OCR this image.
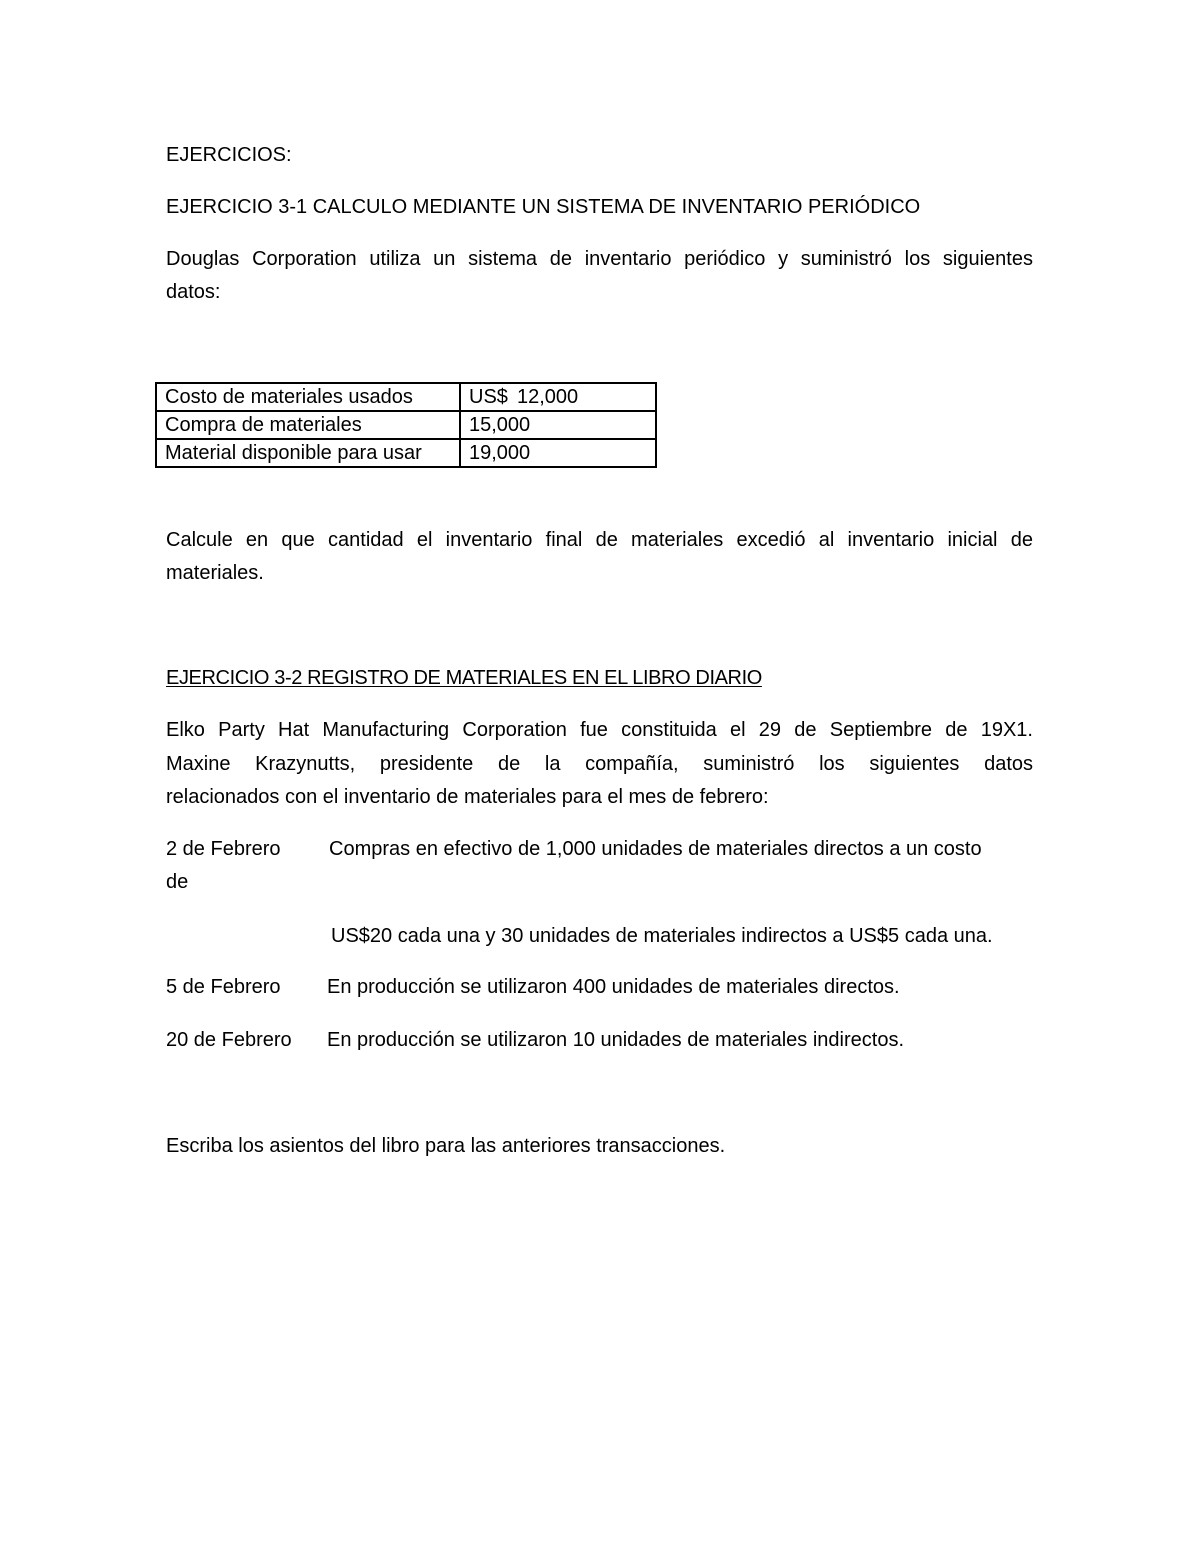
EJERCICIOS:
EJERCICIO 3-1 CALCULO MEDIANTE UN SISTEMA DE INVENTARIO PERIÓDICO
Douglas Corporation utiliza un sistema de inventario periódico y suministró los siguientes
datos:
Costo de materiales usados	US$ 12,000
Compra de materiales	15,000
Material disponible para usar	19,000
Calcule en que cantidad el inventario final de materiales excedió al inventario inicial de
materiales.
EJERCICIO 3-2 REGISTRO DE MATERIALES EN EL LIBRO DIARIO
Elko Party Hat Manufacturing Corporation fue constituida el 29 de Septiembre de 19X1.
Maxine Krazynutts, presidente de la compañía, suministró los siguientes datos
relacionados con el inventario de materiales para el mes de febrero:
2 de Febrero Compras en efectivo de 1,000 unidades de materiales directos a un costo
de
US$20 cada una y 30 unidades de materiales indirectos a US$5 cada una.
5 de Febrero En producción se utilizaron 400 unidades de materiales directos.
20 de Febrero En producción se utilizaron 10 unidades de materiales indirectos.
Escriba los asientos del libro para las anteriores transacciones.
